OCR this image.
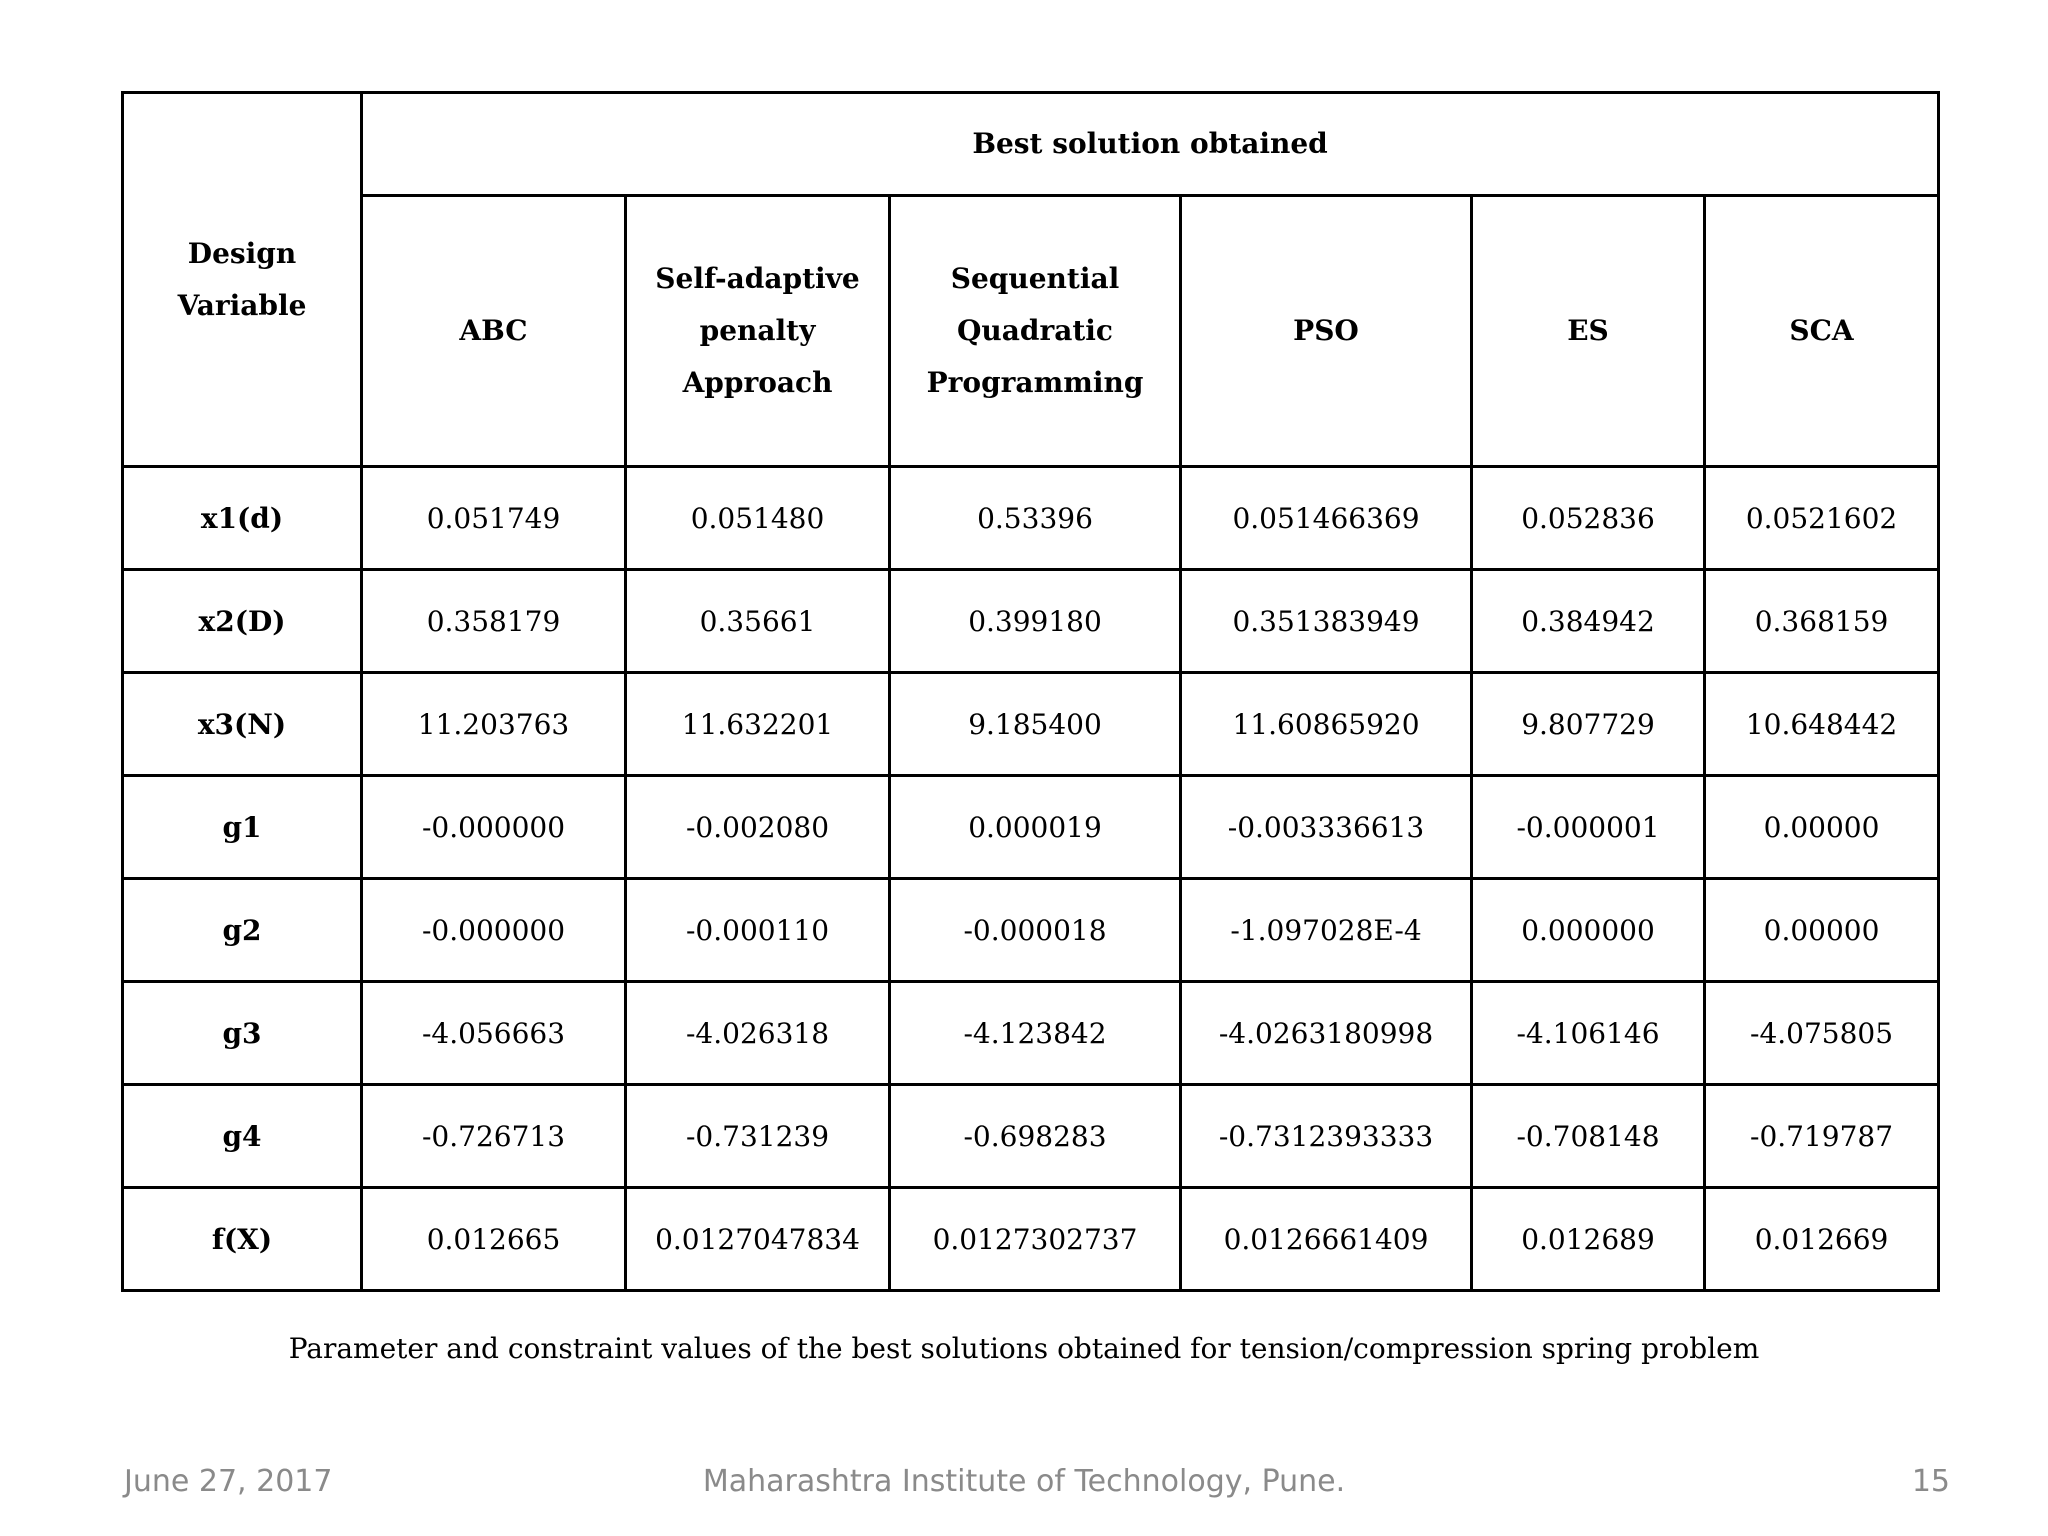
Design Variable	Best solution obtained					
	ABC	Self-adaptive penalty Approach	Sequential Quadratic Programming	PSO	ES	SCA
x1(d)	0.051749	0.051480	0.53396	0.051466369	0.052836	0.0521602
x2(D)	0.358179	0.35661	0.399180	0.351383949	0.384942	0.368159
x3(N)	11.203763	11.632201	9.185400	11.60865920	9.807729	10.648442
g1	-0.000000	-0.002080	0.000019	-0.003336613	-0.000001	0.00000
g2	-0.000000	-0.000110	-0.000018	-1.097028E-4	0.000000	0.00000
g3	-4.056663	-4.026318	-4.123842	-4.0263180998	-4.106146	-4.075805
g4	-0.726713	-0.731239	-0.698283	-0.7312393333	-0.708148	-0.719787
f(X)	0.012665	0.0127047834	0.0127302737	0.0126661409	0.012689	0.012669
Parameter and constraint values of the best solutions obtained for tension/compression spring problem
June 27, 2017	Maharashtra Institute of Technology, Pune.	15
